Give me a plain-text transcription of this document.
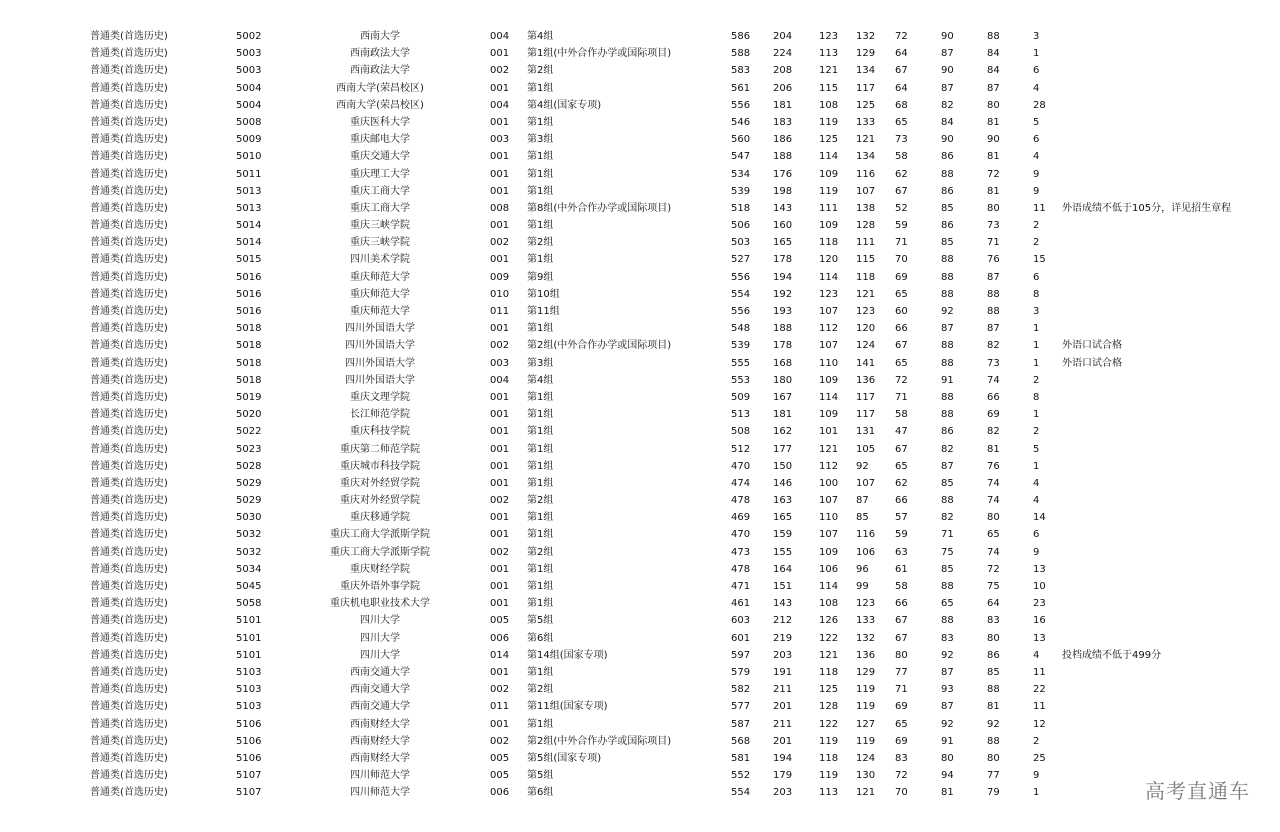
普通类(首选历史)	5002	西南大学	004 第4组	586 204	123 132 72	90	88	3
普通类(首选历史)	5003	西南政法大学	001 第1组(中外合作办学或国际项目)	588 224	113 129 64	87	84	1
普通类(首选历史)	5003	西南政法大学	002 第2组	583 208	121 134 67	90	84	6
普通类(首选历史)	5004	西南大学(荣昌校区)	001 第1组	561 206	115 117 64	87	87	4
普通类(首选历史)	5004	西南大学(荣昌校区)	004 第4组(国家专项)	556 181	108 125 68	82	80	28
普通类(首选历史)	5008	重庆医科大学	001 第1组	546 183	119 133 65	84	81	5
普通类(首选历史)	5009	重庆邮电大学	003 第3组	560 186	125 121 73	90	90	6
普通类(首选历史)	5010	重庆交通大学	001 第1组	547 188	114 134 58	86	81	4
普通类(首选历史)	5011	重庆理工大学	001 第1组	534 176	109 116 62	88	72	9
普通类(首选历史)	5013	重庆工商大学	001 第1组	539 198	119 107 67	86	81	9
普通类(首选历史)	5013	重庆工商大学	008 第8组(中外合作办学或国际项目)	518 143	111 138 52	85	80	11 外语成绩不低于105分，详见招生章程
普通类(首选历史)	5014	重庆三峡学院	001 第1组	506 160	109 128 59	86	73	2
普通类(首选历史)	5014	重庆三峡学院	002 第2组	503 165	118 111 71	85	71	2
普通类(首选历史)	5015	四川美术学院	001 第1组	527 178	120 115 70	88	76	15
普通类(首选历史)	5016	重庆师范大学	009 第9组	556 194	114 118 69	88	87	6
普通类(首选历史)	5016	重庆师范大学	010 第10组	554 192	123 121 65	88	88	8
普通类(首选历史)	5016	重庆师范大学	011 第11组	556 193	107 123 60	92	88	3
普通类(首选历史)	5018	四川外国语大学	001 第1组	548 188	112 120 66	87	87	1
普通类(首选历史)	5018	四川外国语大学	002 第2组(中外合作办学或国际项目)	539 178	107 124 67	88	82	1 外语口试合格
普通类(首选历史)	5018	四川外国语大学	003 第3组	555 168	110 141 65	88	73	1 外语口试合格
普通类(首选历史)	5018	四川外国语大学	004 第4组	553 180	109 136 72	91	74	2
普通类(首选历史)	5019	重庆文理学院	001 第1组	509 167	114 117 71	88	66	8
普通类(首选历史)	5020	长江师范学院	001 第1组	513 181	109 117 58	88	69	1
普通类(首选历史)	5022	重庆科技学院	001 第1组	508 162	101 131 47	86	82	2
普通类(首选历史)	5023	重庆第二师范学院	001 第1组	512 177	121 105 67	82	81	5
普通类(首选历史)	5028	重庆城市科技学院	001 第1组	470 150	112 92	65	87	76	1
普通类(首选历史)	5029	重庆对外经贸学院	001 第1组	474 146	100 107 62	85	74	4
普通类(首选历史)	5029	重庆对外经贸学院	002 第2组	478 163	107 87	66	88	74	4
普通类(首选历史)	5030	重庆移通学院	001 第1组	469 165	110 85	57	82	80	14
普通类(首选历史)	5032	重庆工商大学派斯学院	001 第1组	470 159	107 116 59	71	65	6
普通类(首选历史)	5032	重庆工商大学派斯学院	002 第2组	473 155	109 106 63	75	74	9
普通类(首选历史)	5034	重庆财经学院	001 第1组	478 164	106 96	61	85	72	13
普通类(首选历史)	5045	重庆外语外事学院	001 第1组	471 151	114 99	58	88	75	10
普通类(首选历史)	5058	重庆机电职业技术大学	001 第1组	461 143	108 123 66	65	64	23
普通类(首选历史)	5101	四川大学	005 第5组	603 212	126 133 67	88	83	16
普通类(首选历史)	5101	四川大学	006 第6组	601 219	122 132 67	83	80	13
普通类(首选历史)	5101	四川大学	014 第14组(国家专项)	597 203	121 136 80	92	86	4 投档成绩不低于499分
普通类(首选历史)	5103	西南交通大学	001 第1组	579 191	118 129 77	87	85	11
普通类(首选历史)	5103	西南交通大学	002 第2组	582 211	125 119 71	93	88	22
普通类(首选历史)	5103	西南交通大学	011 第11组(国家专项)	577 201	128 119 69	87	81	11
普通类(首选历史)	5106	西南财经大学	001 第1组	587 211	122 127 65	92	92	12
普通类(首选历史)	5106	西南财经大学	002 第2组(中外合作办学或国际项目)	568 201	119 119 69	91	88	2
普通类(首选历史)	5106	西南财经大学	005 第5组(国家专项)	581 194	118 124 83	80	80	25
普通类(首选历史)	5107	四川师范大学	005 第5组	552 179	119 130 72	94	77	9
普通类(首选历史)	5107	四川师范大学	006 第6组	554 203	113 121 70	81	79	1	高考直通车
